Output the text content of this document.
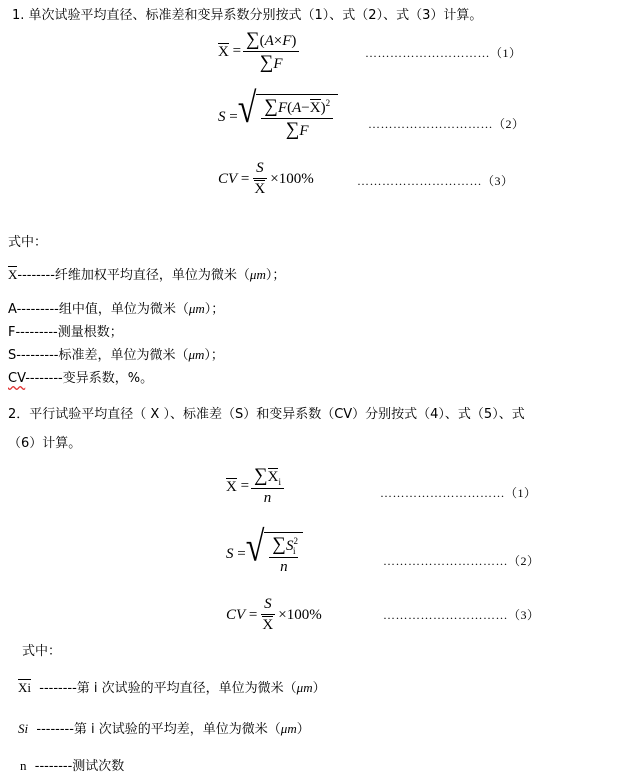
1. 单次试验平均直径、标准差和变异系数分别按式（1）、式（2）、式（3）计算。
$X = \frac{\sum(A\times F)}{\sum F}$	…………………………（1）
S = √ $\frac{\sum F(A-X)^2}{\sum F}$	…………………………（2）
CV = $\frac{S}{X} \times 100\%$	…………………………（3）
式中：
X--------纤维加权平均直径，单位为微米（μm）；
A---------组中值，单位为微米（μm）；
F---------测量根数；
S---------标准差，单位为微米（μm）；
CV--------变异系数，%。
2．平行试验平均直径（ X ）、标准差（S）和变异系数（CV）分别按式（4）、式（5）、式
（6）计算。
$X = \frac{\sum X_i}{n}$	…………………………（1）
S = √ $\frac{\sum S^2_i}{n}$	…………………………（2）
CV = $\frac{S}{X} \times 100\%$	…………………………（3）
式中：
Xi --------第 i 次试验的平均直径，单位为微米（μm）
Si --------第 i 次试验的平均差，单位为微米（μm）
n --------测试次数
